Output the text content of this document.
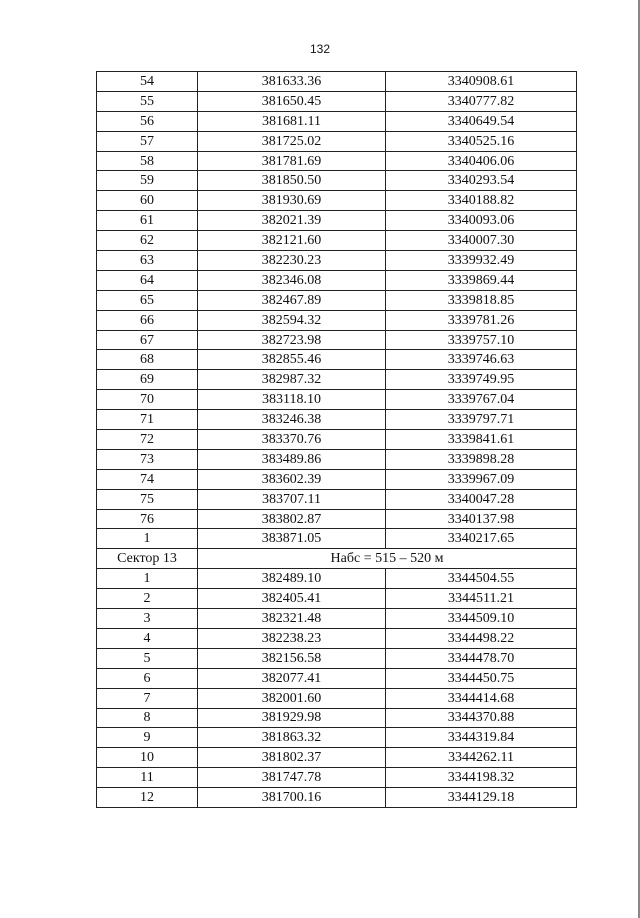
132
54	381633.36	3340908.61
55	381650.45	3340777.82
56	381681.11	3340649.54
57	381725.02	3340525.16
58	381781.69	3340406.06
59	381850.50	3340293.54
60	381930.69	3340188.82
61	382021.39	3340093.06
62	382121.60	3340007.30
63	382230.23	3339932.49
64	382346.08	3339869.44
65	382467.89	3339818.85
66	382594.32	3339781.26
67	382723.98	3339757.10
68	382855.46	3339746.63
69	382987.32	3339749.95
70	383118.10	3339767.04
71	383246.38	3339797.71
72	383370.76	3339841.61
73	383489.86	3339898.28
74	383602.39	3339967.09
75	383707.11	3340047.28
76	383802.87	3340137.98
1	383871.05	3340217.65
Сектор 13	Набс = 515 – 520 м	
1	382489.10	3344504.55
2	382405.41	3344511.21
3	382321.48	3344509.10
4	382238.23	3344498.22
5	382156.58	3344478.70
6	382077.41	3344450.75
7	382001.60	3344414.68
8	381929.98	3344370.88
9	381863.32	3344319.84
10	381802.37	3344262.11
11	381747.78	3344198.32
12	381700.16	3344129.18
